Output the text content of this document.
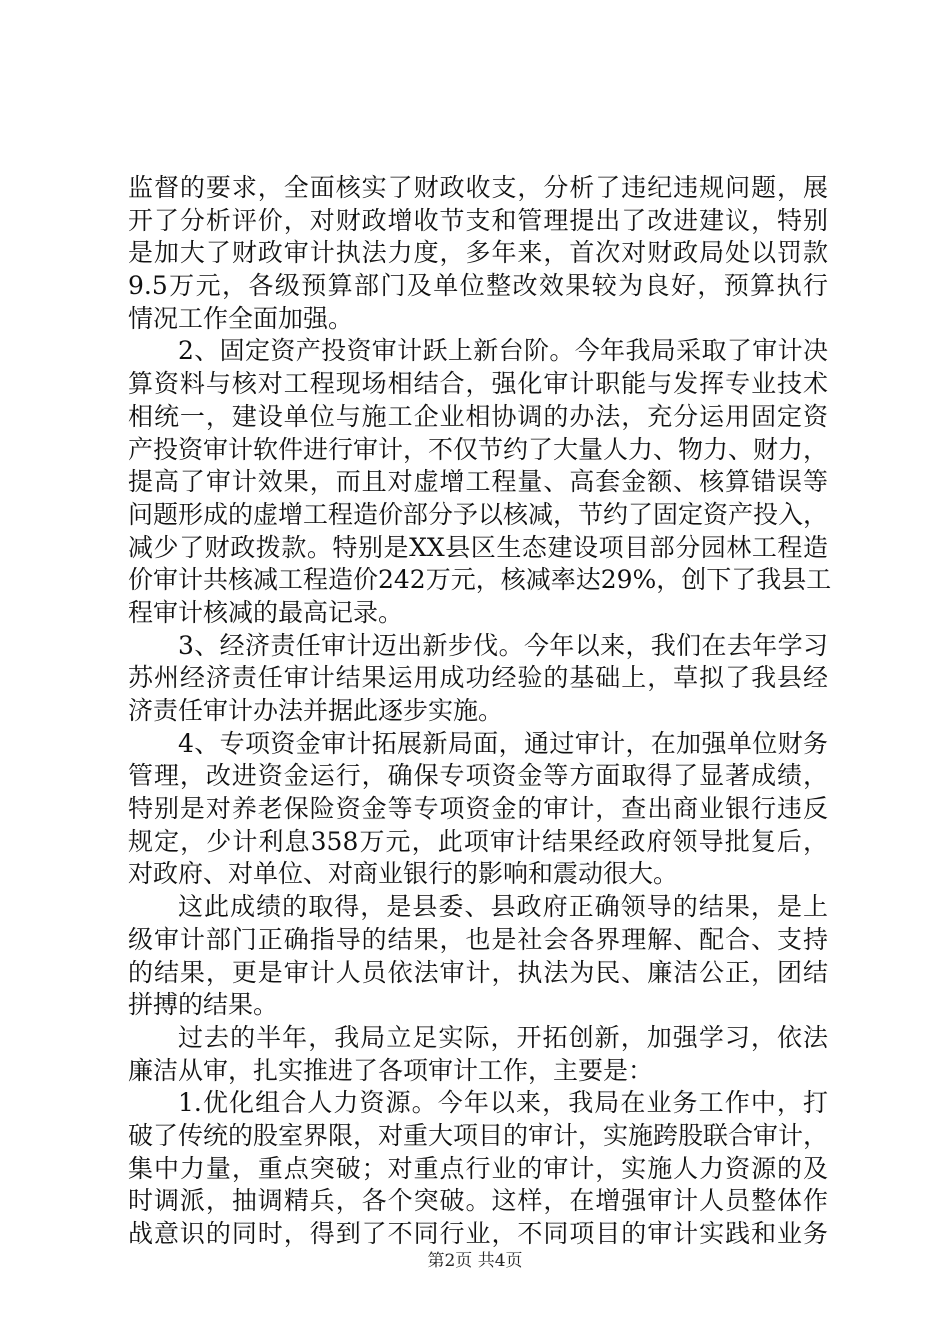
监督的要求，全面核实了财政收支，分析了违纪违规问题，展
开了分析评价，对财政增收节支和管理提出了改进建议，特别
是加大了财政审计执法力度，多年来，首次对财政局处以罚款
9.5万元，各级预算部门及单位整改效果较为良好，预算执行
情况工作全面加强。
2、固定资产投资审计跃上新台阶。今年我局采取了审计决
算资料与核对工程现场相结合，强化审计职能与发挥专业技术
相统一，建设单位与施工企业相协调的办法，充分运用固定资
产投资审计软件进行审计，不仅节约了大量人力、物力、财力，
提高了审计效果，而且对虚增工程量、高套金额、核算错误等
问题形成的虚增工程造价部分予以核减，节约了固定资产投入，
减少了财政拨款。特别是XX县区生态建设项目部分园林工程造
价审计共核减工程造价242万元，核减率达29%，创下了我县工
程审计核减的最高记录。
3、经济责任审计迈出新步伐。今年以来，我们在去年学习
苏州经济责任审计结果运用成功经验的基础上，草拟了我县经
济责任审计办法并据此逐步实施。
4、专项资金审计拓展新局面，通过审计，在加强单位财务
管理，改进资金运行，确保专项资金等方面取得了显著成绩，
特别是对养老保险资金等专项资金的审计，查出商业银行违反
规定，少计利息358万元，此项审计结果经政府领导批复后，
对政府、对单位、对商业银行的影响和震动很大。
这此成绩的取得，是县委、县政府正确领导的结果，是上
级审计部门正确指导的结果，也是社会各界理解、配合、支持
的结果，更是审计人员依法审计，执法为民、廉洁公正，团结
拼搏的结果。
过去的半年，我局立足实际，开拓创新，加强学习，依法
廉洁从审，扎实推进了各项审计工作，主要是：
1.优化组合人力资源。今年以来，我局在业务工作中，打
破了传统的股室界限，对重大项目的审计，实施跨股联合审计，
集中力量，重点突破；对重点行业的审计，实施人力资源的及
时调派，抽调精兵，各个突破。这样，在增强审计人员整体作
战意识的同时，得到了不同行业，不同项目的审计实践和业务
第2页 共4页
